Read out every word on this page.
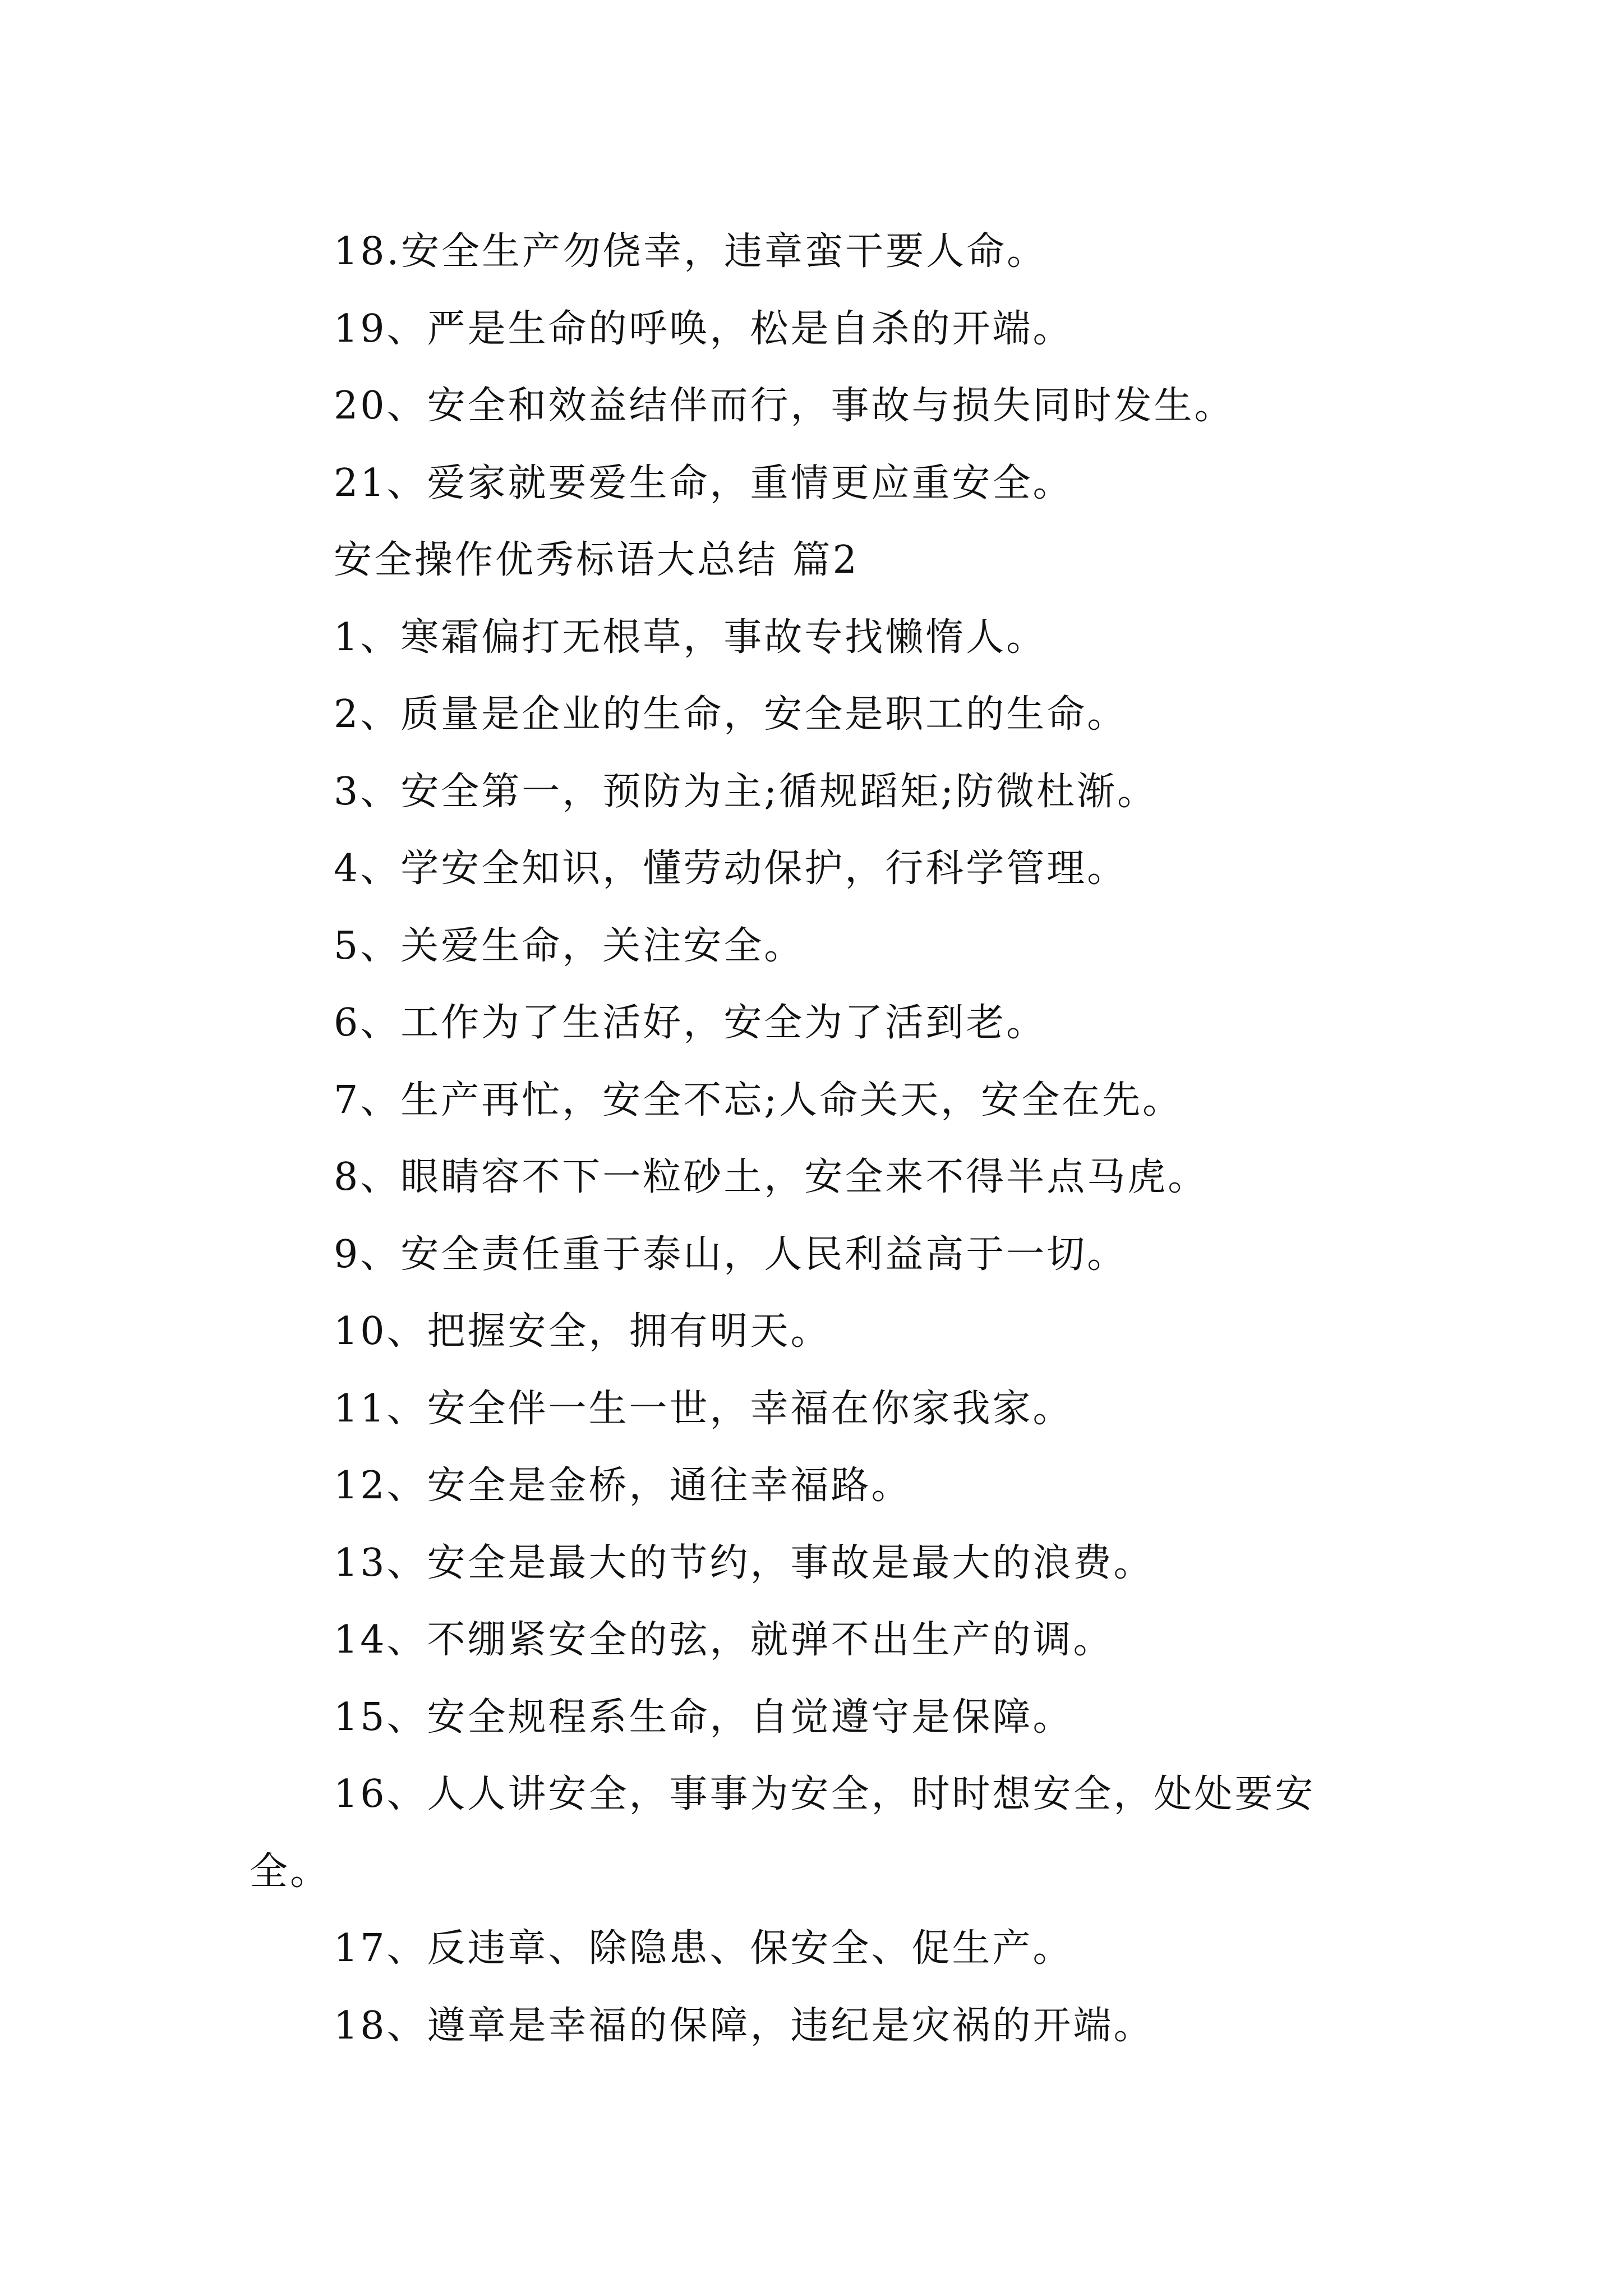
18.安全生产勿侥幸，违章蛮干要人命。
19、严是生命的呼唤，松是自杀的开端。
20、安全和效益结伴而行，事故与损失同时发生。
21、爱家就要爱生命，重情更应重安全。
安全操作优秀标语大总结 篇2
1、寒霜偏打无根草，事故专找懒惰人。
2、质量是企业的生命，安全是职工的生命。
3、安全第一，预防为主;循规蹈矩;防微杜渐。
4、学安全知识，懂劳动保护，行科学管理。
5、关爱生命，关注安全。
6、工作为了生活好，安全为了活到老。
7、生产再忙，安全不忘;人命关天，安全在先。
8、眼睛容不下一粒砂土，安全来不得半点马虎。
9、安全责任重于泰山，人民利益高于一切。
10、把握安全，拥有明天。
11、安全伴一生一世，幸福在你家我家。
12、安全是金桥，通往幸福路。
13、安全是最大的节约，事故是最大的浪费。
14、不绷紧安全的弦，就弹不出生产的调。
15、安全规程系生命，自觉遵守是保障。
16、人人讲安全，事事为安全，时时想安全，处处要安
全。
17、反违章、除隐患、保安全、促生产。
18、遵章是幸福的保障，违纪是灾祸的开端。
